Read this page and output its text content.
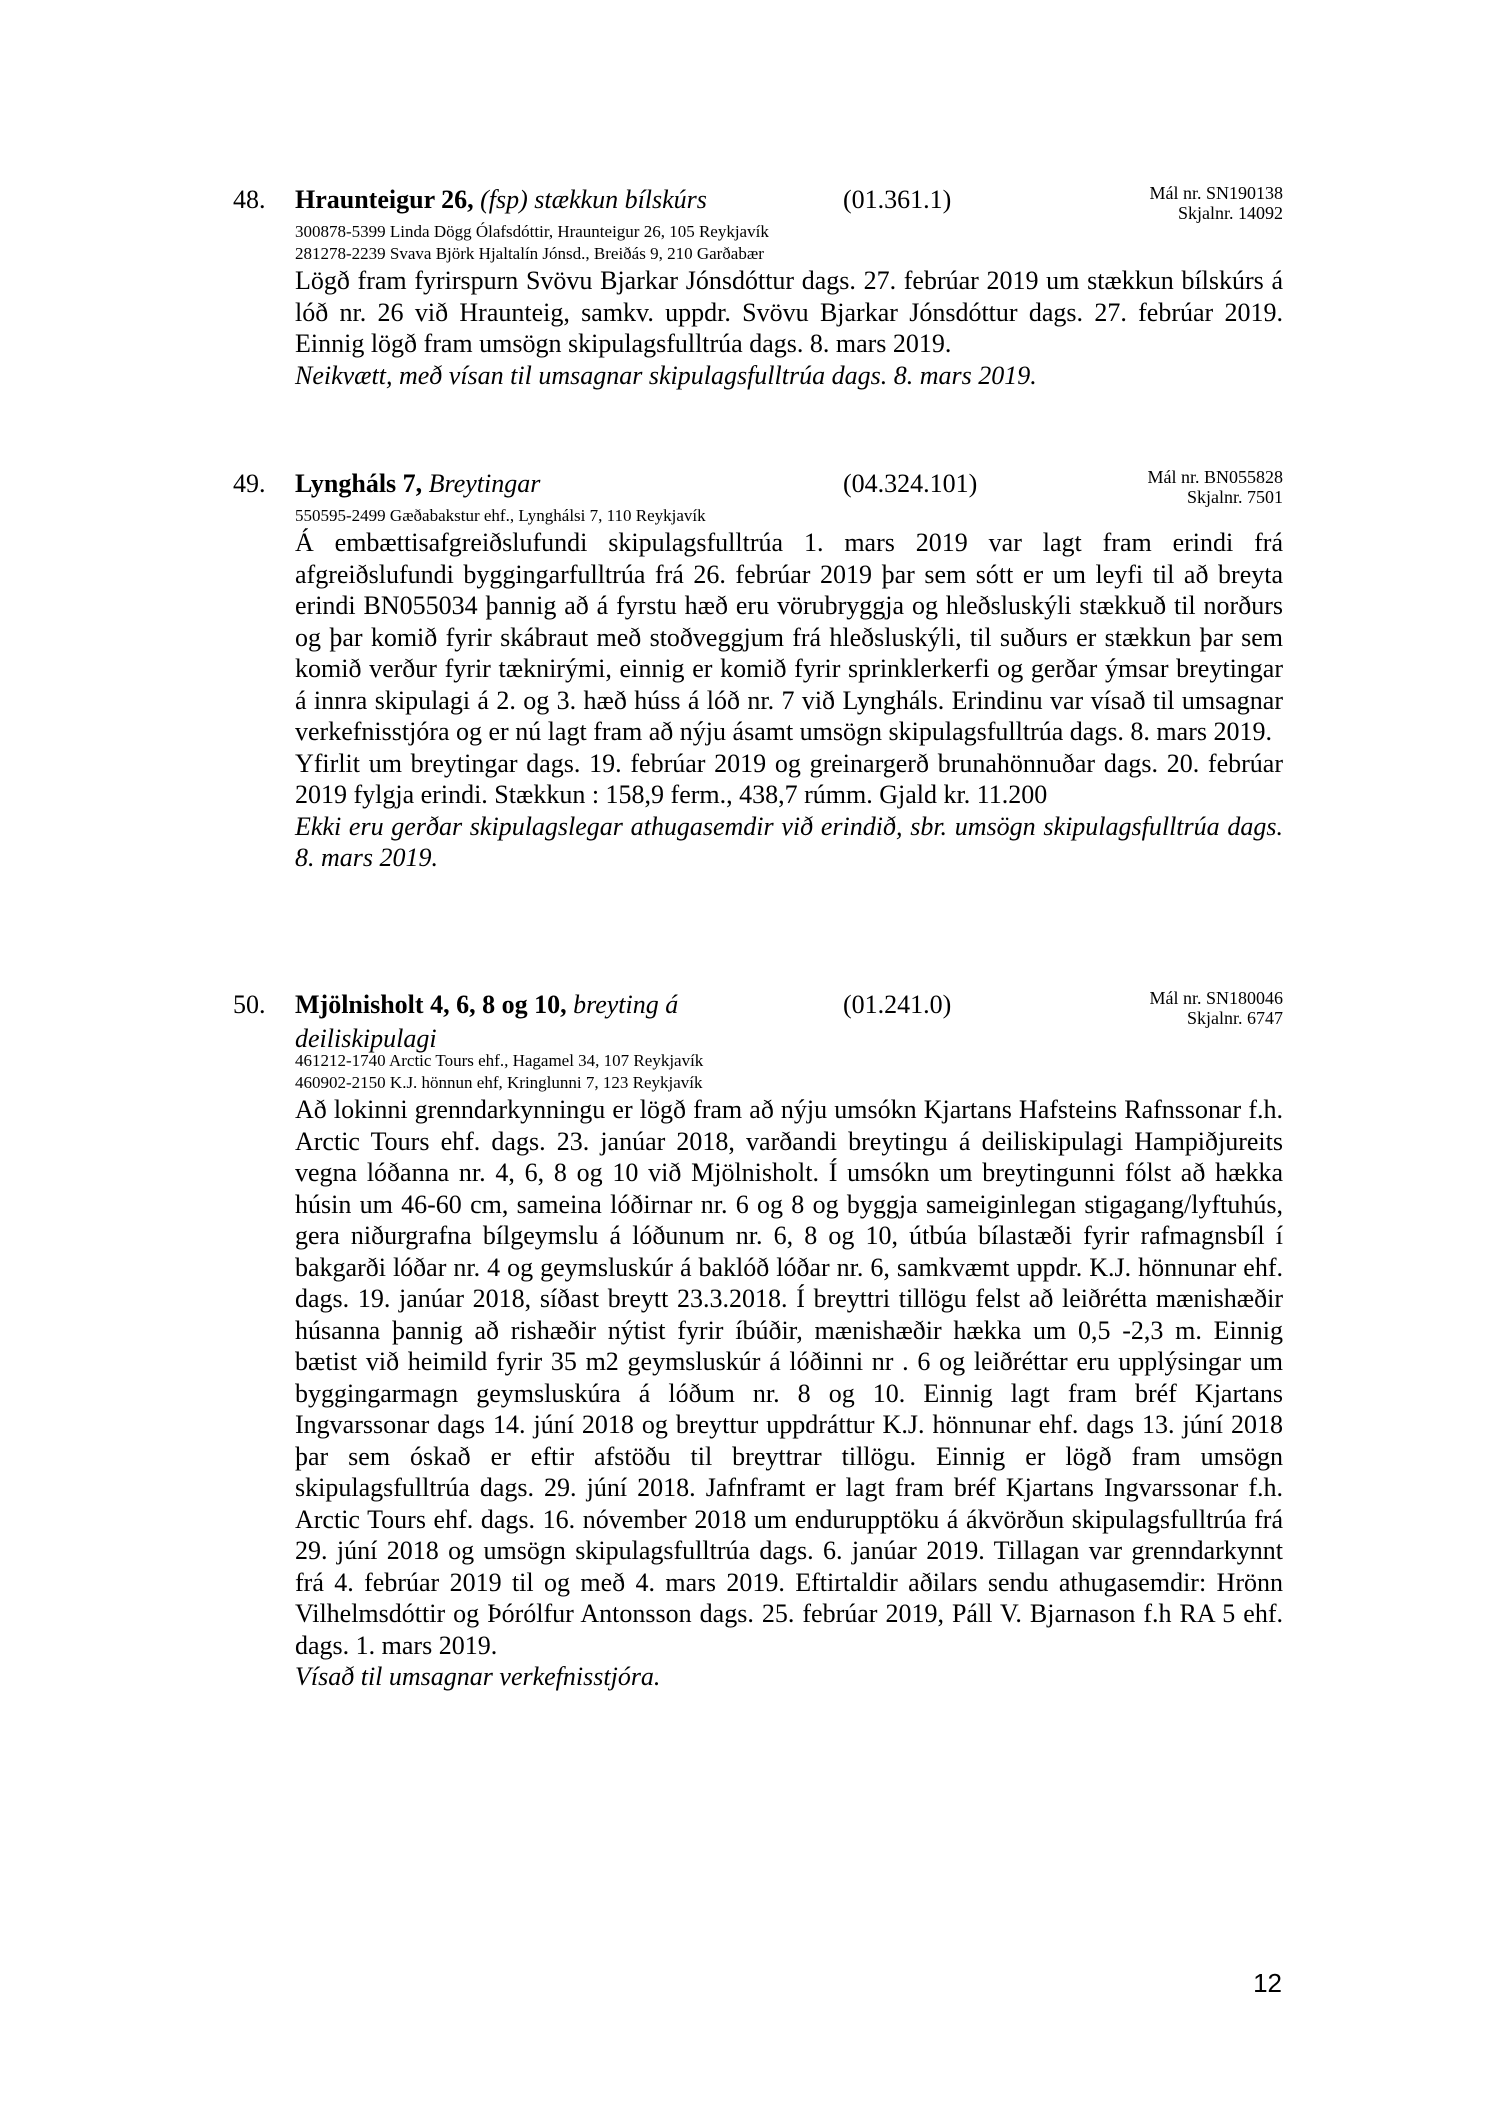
48. Hraunteigur 26, (fsp) stækkun bílskúrs	(01.361.1)	Mál nr. SN190138
Skjalnr. 14092
300878-5399 Linda Dögg Ólafsdóttir, Hraunteigur 26, 105 Reykjavík
281278-2239 Svava Björk Hjaltalín Jónsd., Breiðás 9, 210 Garðabær

Lögð fram fyrirspurn Svövu Bjarkar Jónsdóttur dags. 27. febrúar 2019 um stækkun bílskúrs á lóð nr. 26 við Hraunteig, samkv. uppdr. Svövu Bjarkar Jónsdóttur dags. 27. febrúar 2019. Einnig lögð fram umsögn skipulagsfulltrúa dags. 8. mars 2019.

Neikvætt, með vísan til umsagnar skipulagsfulltrúa dags. 8. mars 2019.

49. Lyngháls 7, Breytingar	(04.324.101)	Mál nr. BN055828
Skjalnr. 7501
550595-2499 Gæðabakstur ehf., Lynghálsi 7, 110 Reykjavík

Á embættisafgreiðslufundi skipulagsfulltrúa 1. mars 2019 var lagt fram erindi frá afgreiðslufundi byggingarfulltrúa frá 26. febrúar 2019 þar sem sótt er um leyfi til að breyta erindi BN055034 þannig að á fyrstu hæð eru vörubryggja og hleðsluskýli stækkuð til norðurs og þar komið fyrir skábraut með stoðveggjum frá hleðsluskýli, til suðurs er stækkun þar sem komið verður fyrir tæknirými, einnig er komið fyrir sprinklerkerfi og gerðar ýmsar breytingar á innra skipulagi á 2. og 3. hæð húss á lóð nr. 7 við Lyngháls. Erindinu var vísað til umsagnar verkefnisstjóra og er nú lagt fram að nýju ásamt umsögn skipulagsfulltrúa dags. 8. mars 2019.

Yfirlit um breytingar dags. 19. febrúar 2019 og greinargerð brunahönnuðar dags. 20. febrúar 2019 fylgja erindi. Stækkun : 158,9 ferm., 438,7 rúmm. Gjald kr. 11.200

Ekki eru gerðar skipulagslegar athugasemdir við erindið, sbr. umsögn skipulagsfulltrúa dags. 8. mars 2019.

50. Mjölnisholt 4, 6, 8 og 10, breyting á deiliskipulagi
(01.241.0)	Mál nr. SN180046
Skjalnr. 6747
461212-1740 Arctic Tours ehf., Hagamel 34, 107 Reykjavík
460902-2150 K.J. hönnun ehf, Kringlunni 7, 123 Reykjavík

Að lokinni grenndarkynningu er lögð fram að nýju umsókn Kjartans Hafsteins Rafnssonar f.h. Arctic Tours ehf. dags. 23. janúar 2018, varðandi breytingu á deiliskipulagi Hampiðjureits vegna lóðanna nr. 4, 6, 8 og 10 við Mjölnisholt. Í umsókn um breytingunni fólst að hækka húsin um 46-60 cm, sameina lóðirnar nr. 6 og 8 og byggja sameiginlegan stigagang/lyftuhús, gera niðurgrafna bílgeymslu á lóðunum nr. 6, 8 og 10, útbúa bílastæði fyrir rafmagnsbíl í bakgarði lóðar nr. 4 og geymsluskúr á baklóð lóðar nr. 6, samkvæmt uppdr. K.J. hönnunar ehf. dags. 19. janúar 2018, síðast breytt 23.3.2018. Í breyttri tillögu felst að leiðrétta mænishæðir húsanna þannig að rishæðir nýtist fyrir íbúðir, mænishæðir hækka um 0,5 -2,3 m. Einnig bætist við heimild fyrir 35 m2 geymsluskúr á lóðinni nr . 6 og leiðréttar eru upplýsingar um byggingarmagn geymsluskúra á lóðum nr. 8 og 10. Einnig lagt fram bréf Kjartans Ingvarssonar dags 14. júní 2018 og breyttur uppdráttur K.J. hönnunar ehf. dags 13. júní 2018 þar sem óskað er eftir afstöðu til breyttrar tillögu. Einnig er lögð fram umsögn skipulagsfulltrúa dags. 29. júní 2018. Jafnframt er lagt fram bréf Kjartans Ingvarssonar f.h. Arctic Tours ehf. dags. 16. nóvember 2018 um endurupptöku á ákvörðun skipulagsfulltrúa frá 29. júní 2018 og umsögn skipulagsfulltrúa dags. 6. janúar 2019. Tillagan var grenndarkynnt frá 4. febrúar 2019 til og með 4. mars 2019. Eftirtaldir aðilars sendu athugasemdir: Hrönn Vilhelmsdóttir og Þórólfur Antonsson dags. 25. febrúar 2019, Páll V. Bjarnason f.h RA 5 ehf. dags. 1. mars 2019.

Vísað til umsagnar verkefnisstjóra.

12
